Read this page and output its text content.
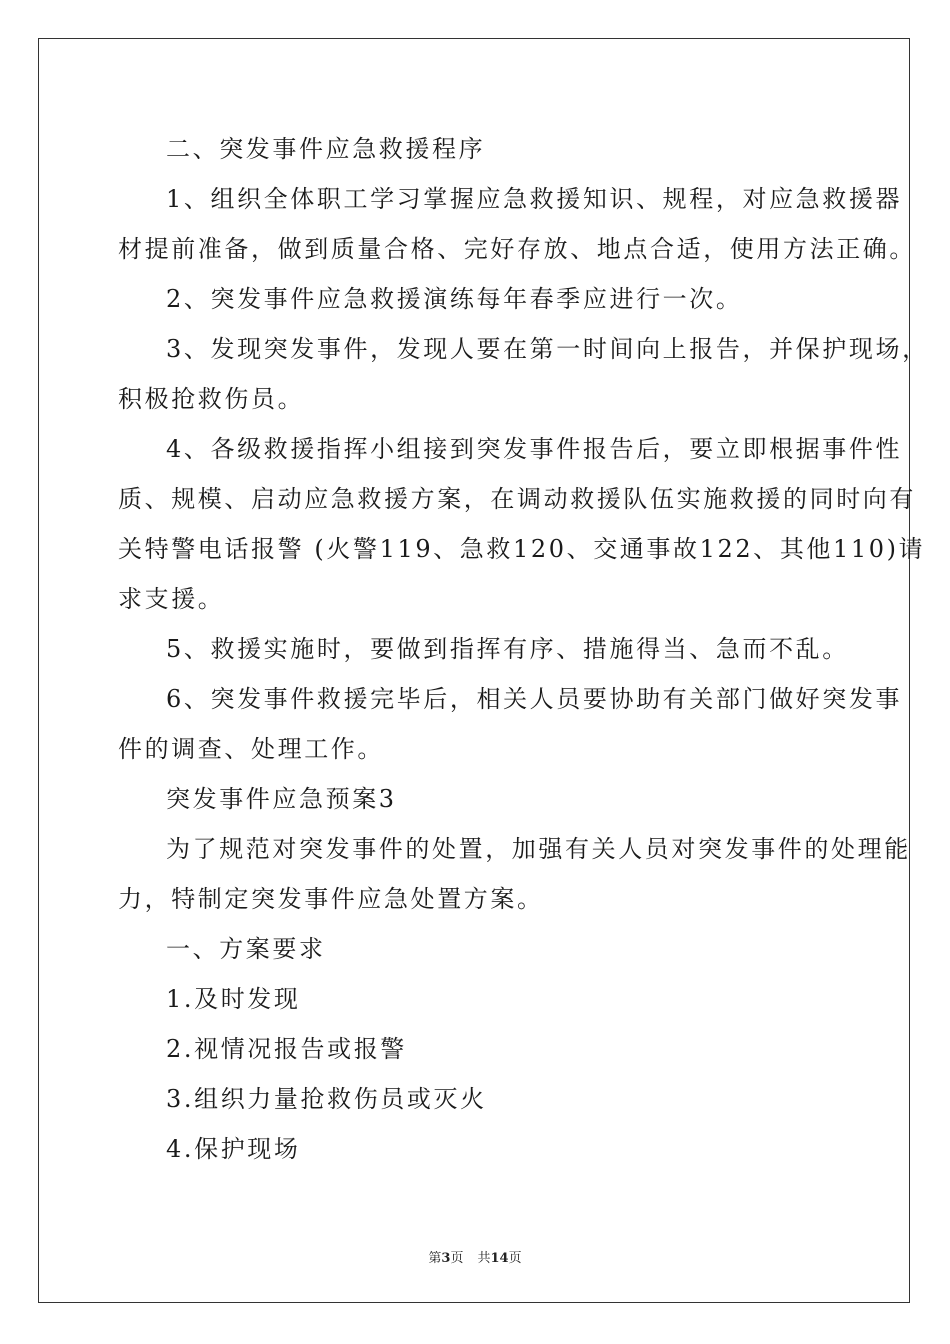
二、突发事件应急救援程序
1、组织全体职工学习掌握应急救援知识、规程，对应急救援器
材提前准备，做到质量合格、完好存放、地点合适，使用方法正确。
2、突发事件应急救援演练每年春季应进行一次。
3、发现突发事件，发现人要在第一时间向上报告，并保护现场，
积极抢救伤员。
4、各级救援指挥小组接到突发事件报告后，要立即根据事件性
质、规模、启动应急救援方案，在调动救援队伍实施救援的同时向有
关特警电话报警 (火警119、急救120、交通事故122、其他110)请
求支援。
5、救援实施时，要做到指挥有序、措施得当、急而不乱。
6、突发事件救援完毕后，相关人员要协助有关部门做好突发事
件的调查、处理工作。
突发事件应急预案3
为了规范对突发事件的处置，加强有关人员对突发事件的处理能
力，特制定突发事件应急处置方案。
一、方案要求
1.及时发现
2.视情况报告或报警
3.组织力量抢救伤员或灭火
4.保护现场
第3页 共14页
